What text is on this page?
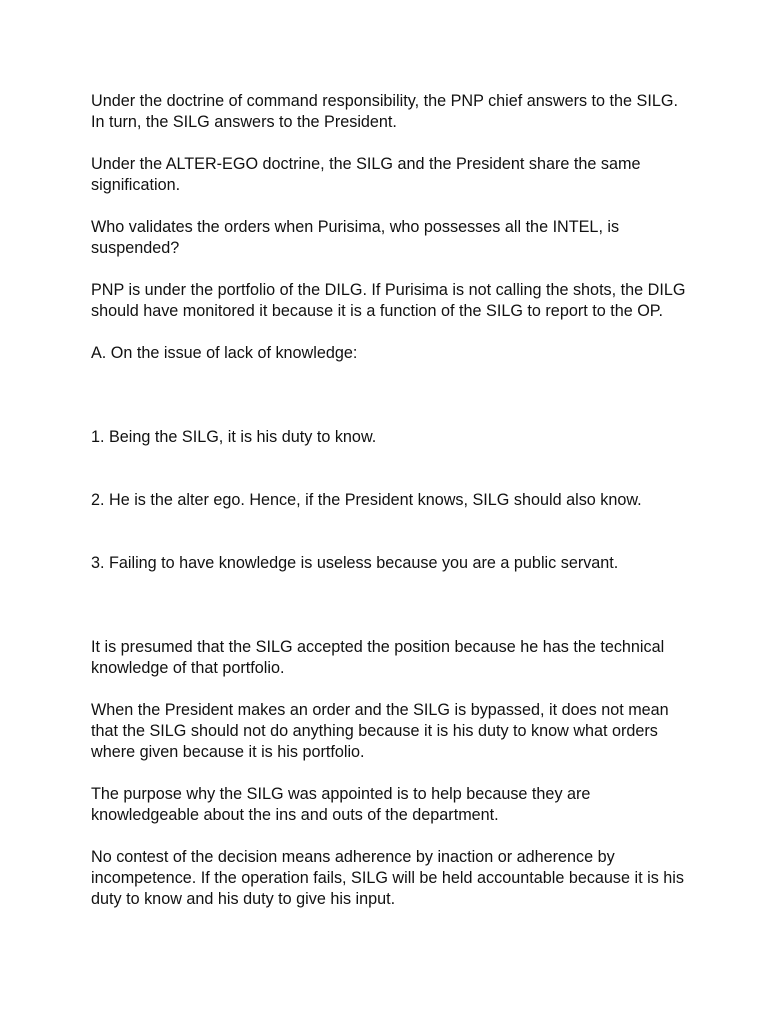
Under the doctrine of command responsibility, the PNP chief answers to the SILG. In turn, the SILG answers to the President.

Under the ALTER-EGO doctrine, the SILG and the President share the same signification.

Who validates the orders when Purisima, who possesses all the INTEL, is suspended?

PNP is under the portfolio of the DILG. If Purisima is not calling the shots, the DILG should have monitored it because it is a function of the SILG to report to the OP.

A. On the issue of lack of knowledge:

1. Being the SILG, it is his duty to know.

2. He is the alter ego. Hence, if the President knows, SILG should also know.

3. Failing to have knowledge is useless because you are a public servant.

It is presumed that the SILG accepted the position because he has the technical knowledge of that portfolio.

When the President makes an order and the SILG is bypassed, it does not mean that the SILG should not do anything because it is his duty to know what orders where given because it is his portfolio.

The purpose why the SILG was appointed is to help because they are knowledgeable about the ins and outs of the department.

No contest of the decision means adherence by inaction or adherence by incompetence. If the operation fails, SILG will be held accountable because it is his duty to know and his duty to give his input.
